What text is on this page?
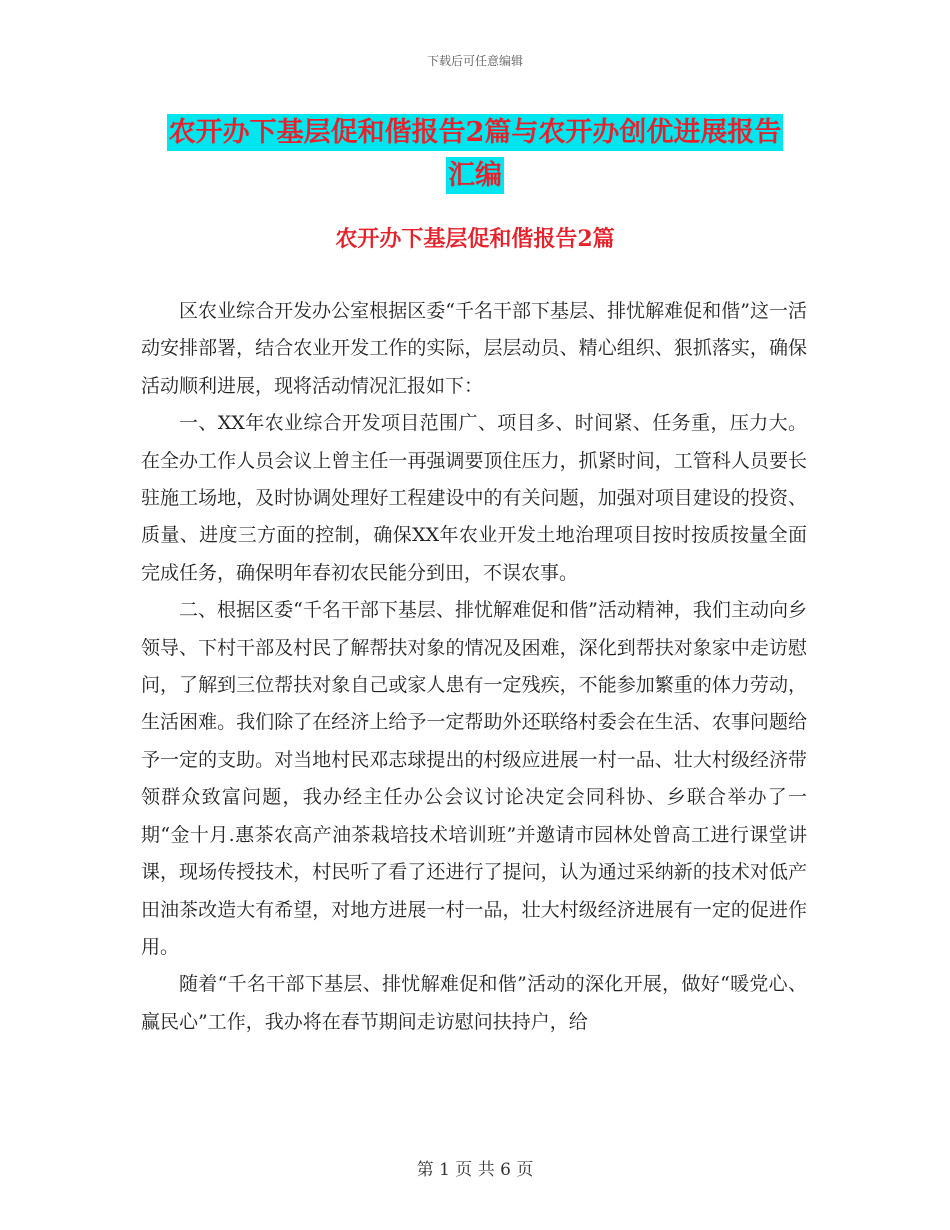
下载后可任意编辑
农开办下基层促和偕报告2篇与农开办创优进展报告
汇编
农开办下基层促和偕报告2篇

区农业综合开发办公室根据区委“千名干部下基层、排忧解难促和偕”这一活动安排部署，结合农业开发工作的实际，层层动员、精心组织、狠抓落实，确保活动顺利进展，现将活动情况汇报如下：

一、XX年农业综合开发项目范围广、项目多、时间紧、任务重，压力大。在全办工作人员会议上曾主任一再强调要顶住压力，抓紧时间，工管科人员要长驻施工场地，及时协调处理好工程建设中的有关问题，加强对项目建设的投资、质量、进度三方面的控制，确保XX年农业开发土地治理项目按时按质按量全面完成任务，确保明年春初农民能分到田，不误农事。

二、根据区委“千名干部下基层、排忧解难促和偕”活动精神，我们主动向乡领导、下村干部及村民了解帮扶对象的情况及困难，深化到帮扶对象家中走访慰问，了解到三位帮扶对象自己或家人患有一定残疾，不能参加繁重的体力劳动，生活困难。我们除了在经济上给予一定帮助外还联络村委会在生活、农事问题给予一定的支助。对当地村民邓志球提出的村级应进展一村一品、壮大村级经济带领群众致富问题，我办经主任办公会议讨论决定会同科协、乡联合举办了一期“金十月.惠茶农高产油茶栽培技术培训班”并邀请市园林处曾高工进行课堂讲课，现场传授技术，村民听了看了还进行了提问，认为通过采纳新的技术对低产田油茶改造大有希望，对地方进展一村一品，壮大村级经济进展有一定的促进作用。

随着“千名干部下基层、排忧解难促和偕”活动的深化开展，做好“暖党心、赢民心”工作，我办将在春节期间走访慰问扶持户，给

第 1 页 共 6 页
